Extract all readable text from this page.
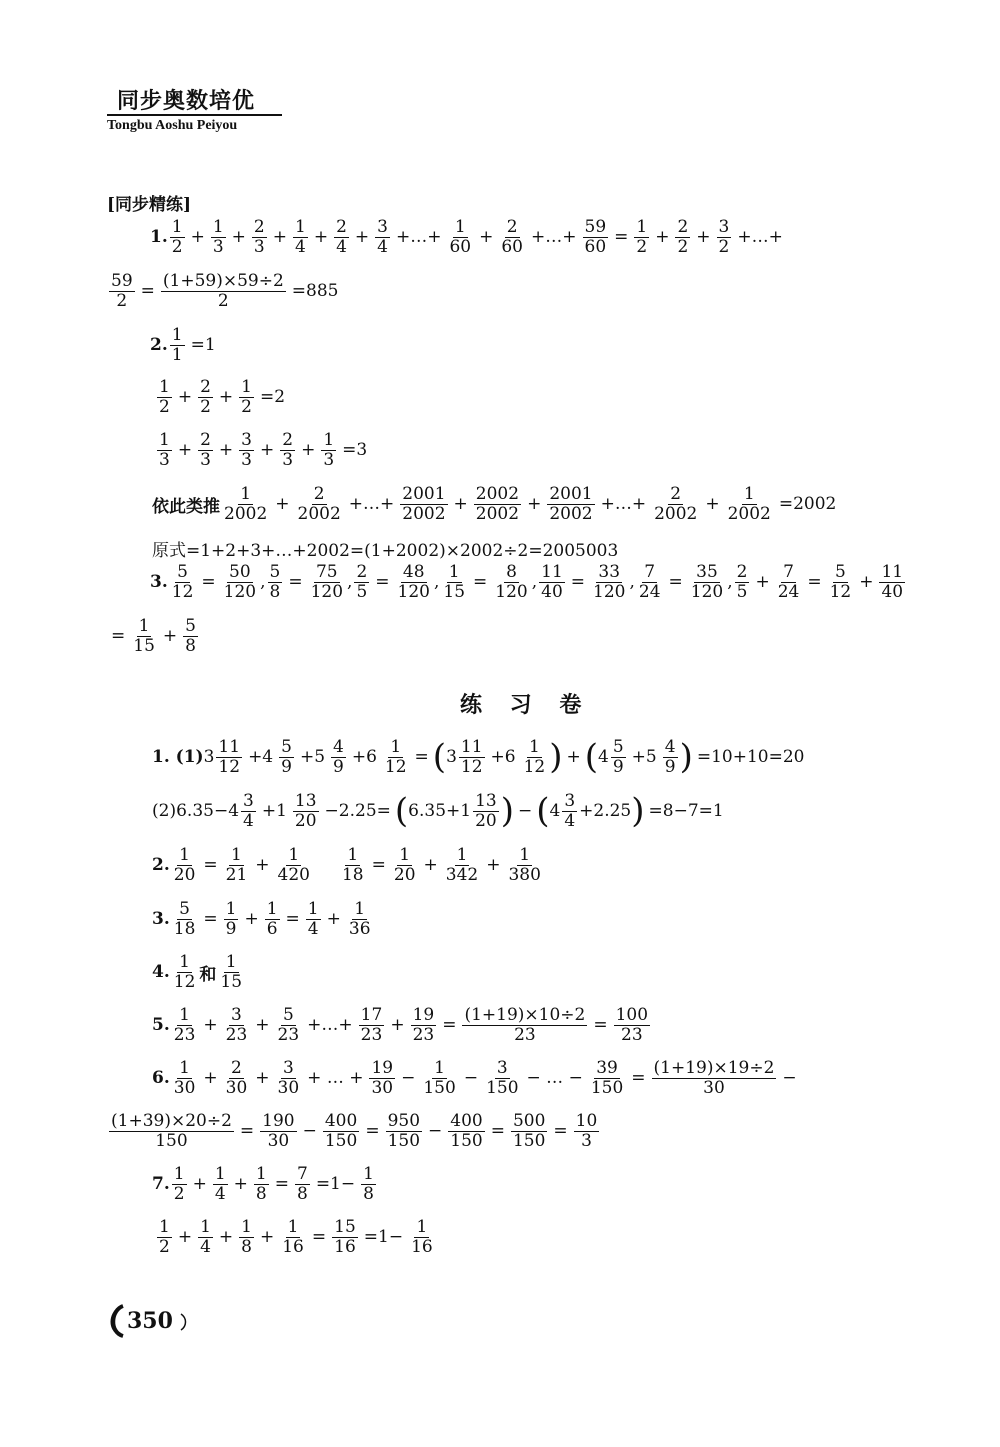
同步奥数培优
Tongbu Aoshu Peiyou
[同步精练]
1. $\frac{1}{2} + \frac{1}{3} + \frac{2}{3} + \frac{1}{4} + \frac{2}{4} + \frac{3}{4}$ +…+ $\frac{1}{60} + \frac{2}{60}$ +…+ $\frac{59}{60} = \frac{1}{2} + \frac{2}{2} + \frac{3}{2}$ +…+
$\frac{59}{2} = \frac{(1+59)\times 59\div 2}{2} =885$
2. $\frac{1}{1} =1$
$\frac{1}{2} + \frac{2}{2} + \frac{1}{2} =2$
$\frac{1}{3} + \frac{2}{3} + \frac{3}{3} + \frac{2}{3} + \frac{1}{3} =3$
依此类推 $\frac{1}{2002} + \frac{2}{2002}$ +…+ $\frac{2001}{2002} + \frac{2002}{2002} + \frac{2001}{2002}$ +…+ $\frac{2}{2002} + \frac{1}{2002} =2002$
原式=1+2+3+…+2002=(1+2002)×2002÷2=2005003
3. $\frac{5}{12} = \frac{50}{120}$ , $\frac{5}{8} = \frac{75}{120}$ , $\frac{2}{5} = \frac{48}{120}$ , $\frac{1}{15} = \frac{8}{120}$ , $\frac{11}{40} = \frac{33}{120}$ , $\frac{7}{24} = \frac{35}{120}$ , $\frac{2}{5} + \frac{7}{24} = \frac{5}{12} + \frac{11}{40}$
= $\frac{1}{15} + \frac{5}{8}$
练 习 卷
1. (1) $3 \frac{11}{12} +4 \frac{5}{9} +5 \frac{4}{9} +6 \frac{1}{12}$ = ( $3 \frac{11}{12} +6 \frac{1}{12}$ ) + ( $4 \frac{5}{9} +5 \frac{4}{9}$ ) =10+10=20
(2) $6.35-4 \frac{3}{4} +1 \frac{13}{20} -2.25=$ ( $6.35+1 \frac{13}{20}$ ) − ( $4 \frac{3}{4} +2.25$ ) =8−7=1
2. $\frac{1}{20} = \frac{1}{21} + \frac{1}{420} \frac{1}{18} = \frac{1}{20} + \frac{1}{342} + \frac{1}{380}$
3. $\frac{5}{18} = \frac{1}{9} + \frac{1}{6} = \frac{1}{4} + \frac{1}{36}$
4. $\frac{1}{12}$ 和 $\frac{1}{15}$
5. $\frac{1}{23} + \frac{3}{23} + \frac{5}{23}$ +…+ $\frac{17}{23} + \frac{19}{23} = \frac{(1+19)\times 10\div 2}{23} = \frac{100}{23}$
6. $\frac{1}{30} + \frac{2}{30} + \frac{3}{30}$ + … + $\frac{19}{30} - \frac{1}{150} - \frac{3}{150}$ − … − $\frac{39}{150} = \frac{(1+19)\times 19\div 2}{30}$ −
$\frac{(1+39)\times 20\div 2}{150} = \frac{190}{30} - \frac{400}{150} = \frac{950}{150} - \frac{400}{150} = \frac{500}{150} = \frac{10}{3}$
7. $\frac{1}{2} + \frac{1}{4} + \frac{1}{8} = \frac{7}{8} =1- \frac{1}{8}$
$\frac{1}{2} + \frac{1}{4} + \frac{1}{8} + \frac{1}{16} = \frac{15}{16} =1- \frac{1}{16}$
350
